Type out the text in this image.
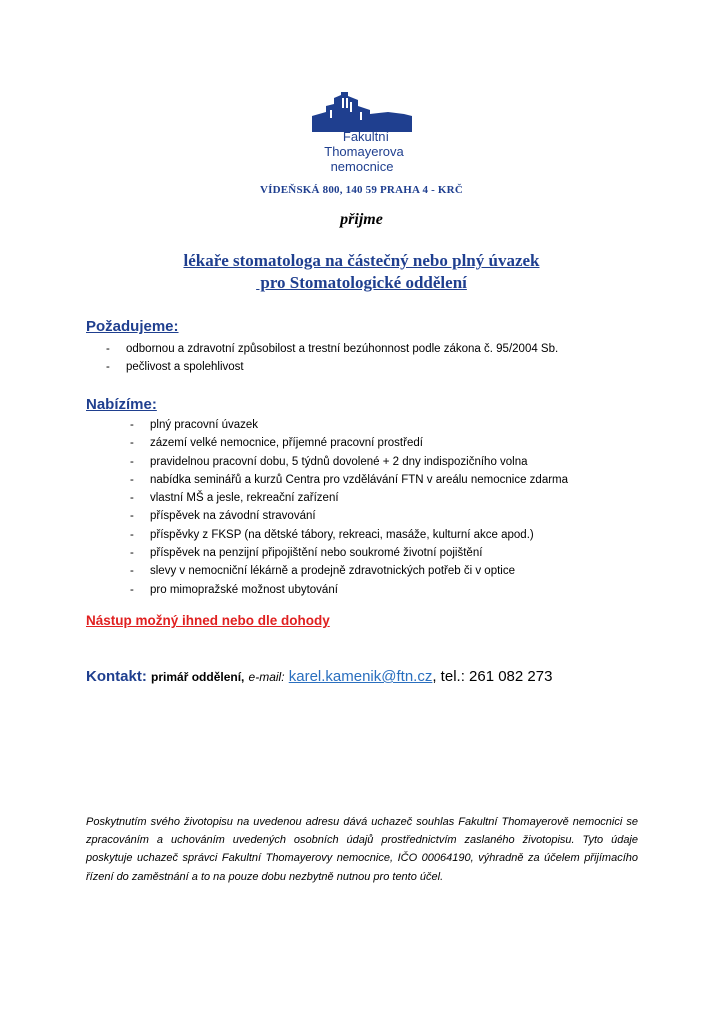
Fakultní
Thomayerova
nemocnice
VÍDEŇSKÁ 800, 140 59 PRAHA 4 - KRČ
přijme
lékaře stomatologa na částečný nebo plný úvazek
pro Stomatologické oddělení
Požadujeme:
- odbornou a zdravotní způsobilost a trestní bezúhonnost podle zákona č. 95/2004 Sb.
- pečlivost a spolehlivost
Nabízíme:
- plný pracovní úvazek
- zázemí velké nemocnice, příjemné pracovní prostředí
- pravidelnou pracovní dobu, 5 týdnů dovolené + 2 dny indispozičního volna
- nabídka seminářů a kurzů Centra pro vzdělávání FTN v areálu nemocnice zdarma
- vlastní MŠ a jesle, rekreační zařízení
- příspěvek na závodní stravování
- příspěvky z FKSP (na dětské tábory, rekreaci, masáže, kulturní akce apod.)
- příspěvek na penzijní připojištění nebo soukromé životní pojištění
- slevy v nemocniční lékárně a prodejně zdravotnických potřeb či v optice
- pro mimopražské možnost ubytování
Nástup možný ihned nebo dle dohody
Kontakt: primář oddělení, e-mail: karel.kamenik@ftn.cz, tel.: 261 082 273
Poskytnutím svého životopisu na uvedenou adresu dává uchazeč souhlas Fakultní Thomayerově nemocnici se zpracováním a uchováním uvedených osobních údajů prostřednictvím zaslaného životopisu. Tyto údaje poskytuje uchazeč správci Fakultní Thomayerovy nemocnice, IČO 00064190, výhradně za účelem přijímacího řízení do zaměstnání a to na pouze dobu nezbytně nutnou pro tento účel.
